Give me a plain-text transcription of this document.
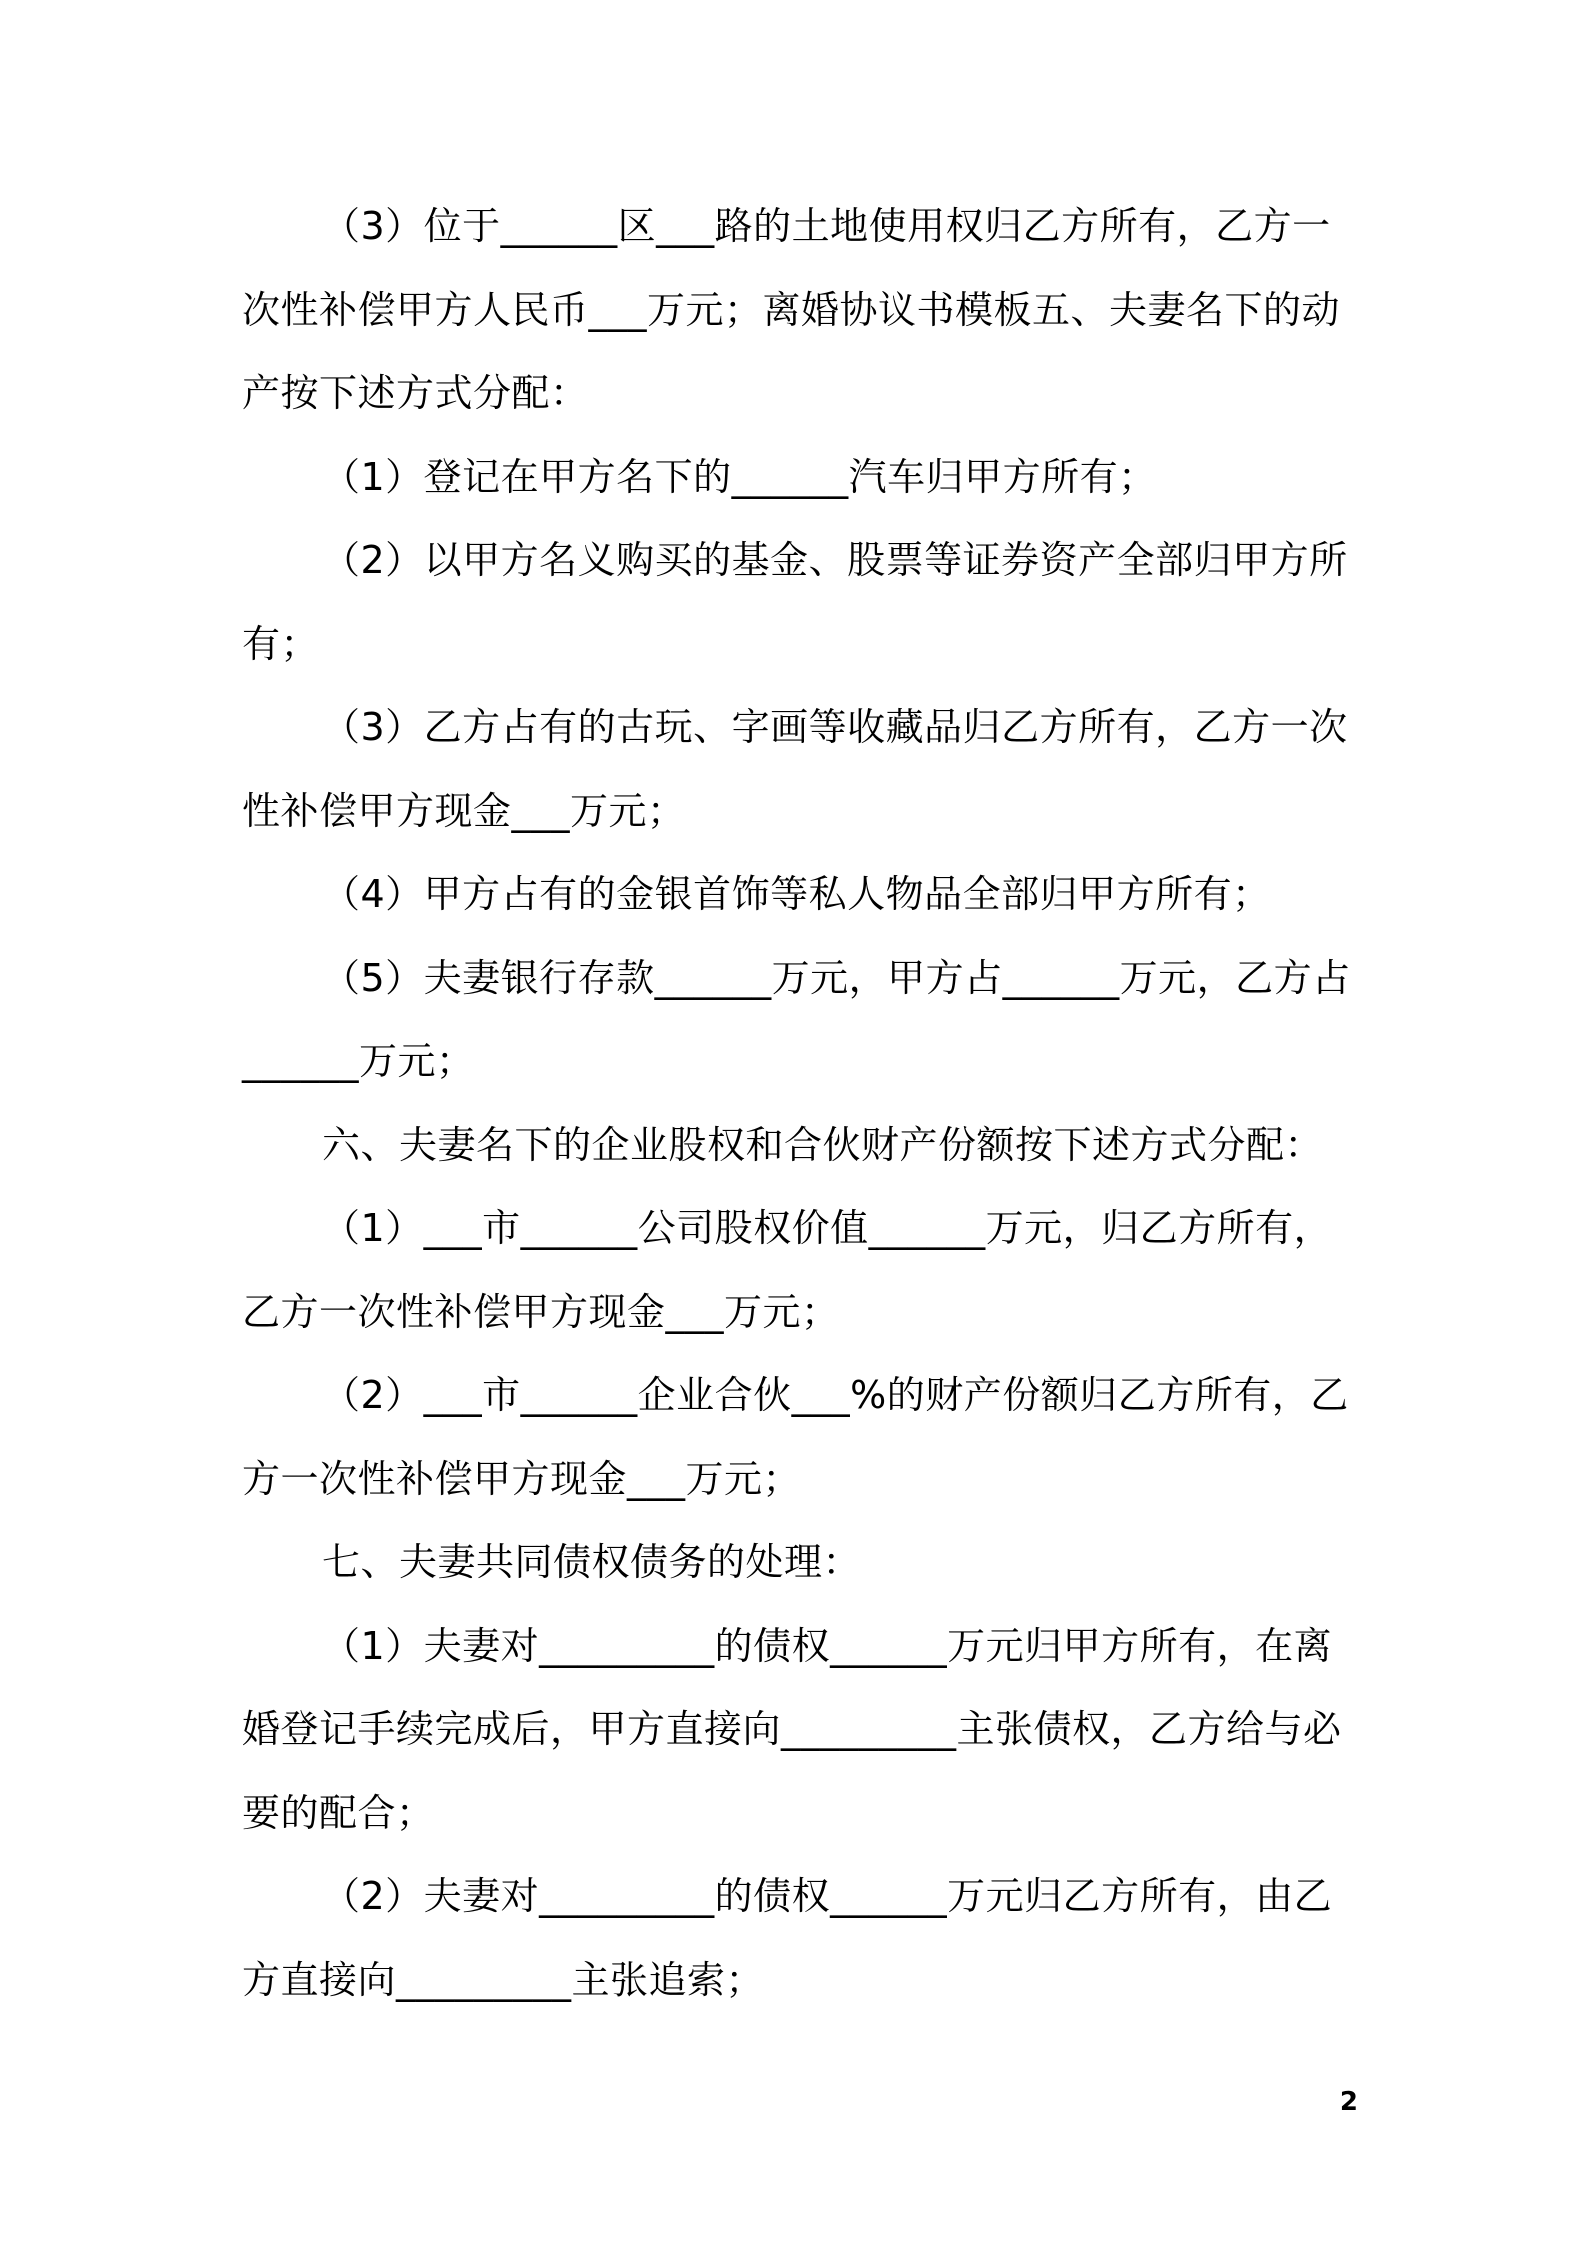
（3）位于______区___路的土地使用权归乙方所有，乙方一次性补偿甲方人民币___万元；离婚协议书模板五、夫妻名下的动产按下述方式分配：

（1）登记在甲方名下的______汽车归甲方所有；

（2）以甲方名义购买的基金、股票等证券资产全部归甲方所有；

（3）乙方占有的古玩、字画等收藏品归乙方所有，乙方一次性补偿甲方现金___万元；

（4）甲方占有的金银首饰等私人物品全部归甲方所有；

（5）夫妻银行存款______万元，甲方占______万元，乙方占______万元；

六、夫妻名下的企业股权和合伙财产份额按下述方式分配：

（1）___市______公司股权价值______万元，归乙方所有，乙方一次性补偿甲方现金___万元；

（2）___市______企业合伙___%的财产份额归乙方所有，乙方一次性补偿甲方现金___万元；

七、夫妻共同债权债务的处理：

（1）夫妻对_________的债权______万元归甲方所有，在离婚登记手续完成后，甲方直接向_________主张债权，乙方给与必要的配合；

（2）夫妻对_________的债权______万元归乙方所有，由乙方直接向_________主张追索；

2
